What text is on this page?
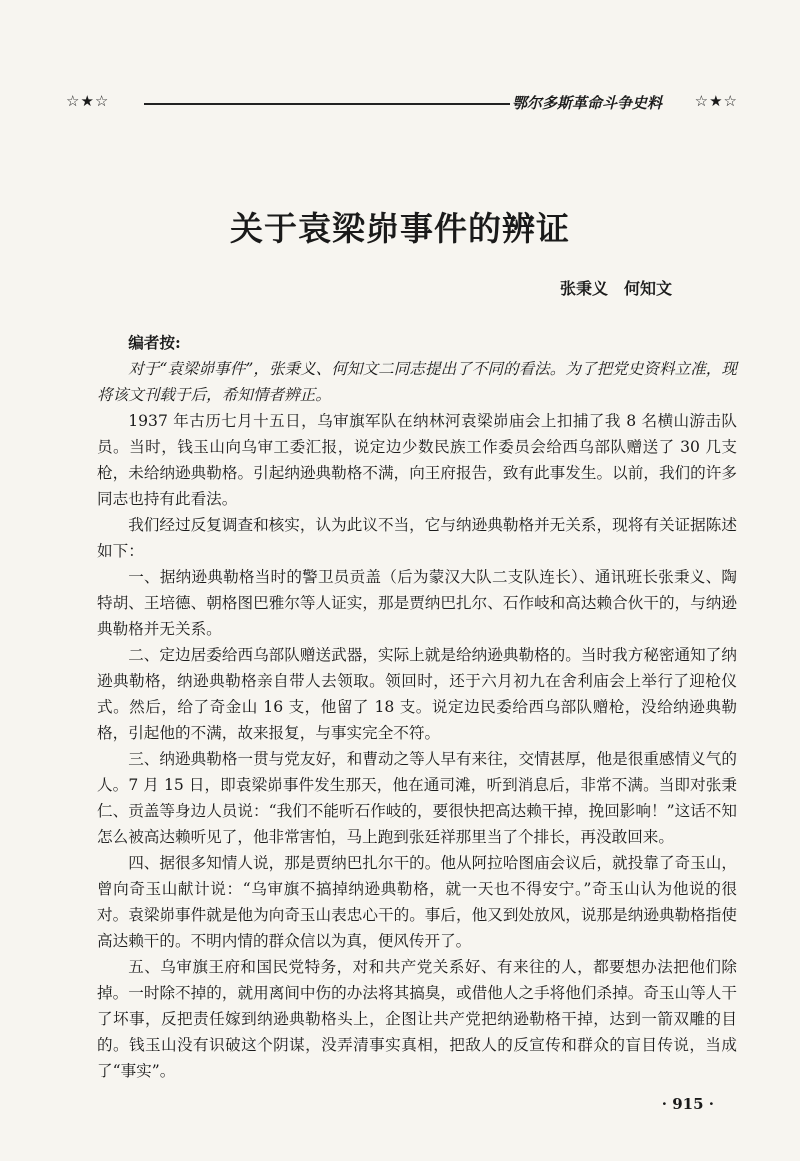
☆★☆	鄂尔多斯革命斗争史料 ☆★☆
关于袁梁峁事件的辨证
张秉义 何知文

编者按:

对于“袁梁峁事件”，张秉义、何知文二同志提出了不同的看法。为了把党史资料立准，现将该文刊载于后，希知情者辨正。

1937 年古历七月十五日，乌审旗军队在纳林河袁梁峁庙会上扣捕了我 8 名横山游击队员。当时，钱玉山向乌审工委汇报，说定边少数民族工作委员会给西乌部队赠送了 30 几支枪，未给纳逊典勒格。引起纳逊典勒格不满，向王府报告，致有此事发生。以前，我们的许多同志也持有此看法。

我们经过反复调查和核实，认为此议不当，它与纳逊典勒格并无关系，现将有关证据陈述如下：

一、据纳逊典勒格当时的警卫员贡盖（后为蒙汉大队二支队连长）、通讯班长张秉义、陶特胡、王培德、朝格图巴雅尔等人证实，那是贾纳巴扎尔、石作岐和高达赖合伙干的，与纳逊典勒格并无关系。

二、定边居委给西乌部队赠送武器，实际上就是给纳逊典勒格的。当时我方秘密通知了纳逊典勒格，纳逊典勒格亲自带人去领取。领回时，还于六月初九在舍利庙会上举行了迎枪仪式。然后，给了奇金山 16 支，他留了 18 支。说定边民委给西乌部队赠枪，没给纳逊典勒格，引起他的不满，故来报复，与事实完全不符。

三、纳逊典勒格一贯与党友好，和曹动之等人早有来往，交情甚厚，他是很重感情义气的人。7 月 15 日，即袁梁峁事件发生那天，他在通司滩，听到消息后，非常不满。当即对张秉仁、贡盖等身边人员说：“我们不能听石作岐的，要很快把高达赖干掉，挽回影响！”这话不知怎么被高达赖听见了，他非常害怕，马上跑到张廷祥那里当了个排长，再没敢回来。

四、据很多知情人说，那是贾纳巴扎尔干的。他从阿拉哈图庙会议后，就投靠了奇玉山，曾向奇玉山献计说：“乌审旗不搞掉纳逊典勒格，就一天也不得安宁。”奇玉山认为他说的很对。袁梁峁事件就是他为向奇玉山表忠心干的。事后，他又到处放风，说那是纳逊典勒格指使高达赖干的。不明内情的群众信以为真，便风传开了。

五、乌审旗王府和国民党特务，对和共产党关系好、有来往的人，都要想办法把他们除掉。一时除不掉的，就用离间中伤的办法将其搞臭，或借他人之手将他们杀掉。奇玉山等人干了坏事，反把责任嫁到纳逊典勒格头上，企图让共产党把纳逊勒格干掉，达到一箭双雕的目的。钱玉山没有识破这个阴谋，没弄清事实真相，把敌人的反宣传和群众的盲目传说，当成了“事实”。

· 915 ·
